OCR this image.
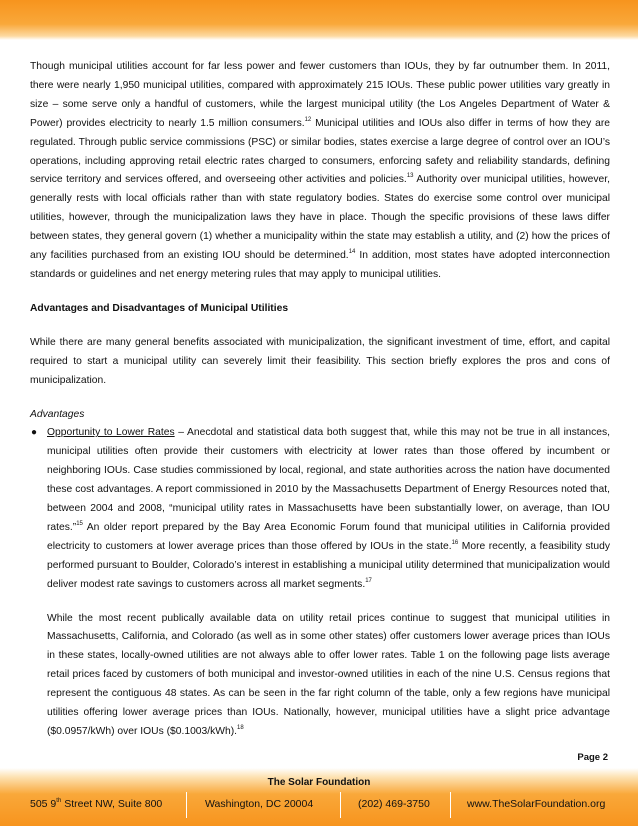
Though municipal utilities account for far less power and fewer customers than IOUs, they by far outnumber them. In 2011, there were nearly 1,950 municipal utilities, compared with approximately 215 IOUs. These public power utilities vary greatly in size – some serve only a handful of customers, while the largest municipal utility (the Los Angeles Department of Water & Power) provides electricity to nearly 1.5 million consumers.$^{12}$ Municipal utilities and IOUs also differ in terms of how they are regulated. Through public service commissions (PSC) or similar bodies, states exercise a large degree of control over an IOU’s operations, including approving retail electric rates charged to consumers, enforcing safety and reliability standards, defining service territory and services offered, and overseeing other activities and policies.$^{13}$ Authority over municipal utilities, however, generally rests with local officials rather than with state regulatory bodies. States do exercise some control over municipal utilities, however, through the municipalization laws they have in place. Though the specific provisions of these laws differ between states, they general govern (1) whether a municipality within the state may establish a utility, and (2) how the prices of any facilities purchased from an existing IOU should be determined.$^{14}$ In addition, most states have adopted interconnection standards or guidelines and net energy metering rules that may apply to municipal utilities.

Advantages and Disadvantages of Municipal Utilities

While there are many general benefits associated with municipalization, the significant investment of time, effort, and capital required to start a municipal utility can severely limit their feasibility. This section briefly explores the pros and cons of municipalization.

Advantages

● Opportunity to Lower Rates – Anecdotal and statistical data both suggest that, while this may not be true in all instances, municipal utilities often provide their customers with electricity at lower rates than those offered by incumbent or neighboring IOUs. Case studies commissioned by local, regional, and state authorities across the nation have documented these cost advantages. A report commissioned in 2010 by the Massachusetts Department of Energy Resources noted that, between 2004 and 2008, “municipal utility rates in Massachusetts have been substantially lower, on average, than IOU rates.”$^{15}$ An older report prepared by the Bay Area Economic Forum found that municipal utilities in California provided electricity to customers at lower average prices than those offered by IOUs in the state.$^{16}$ More recently, a feasibility study performed pursuant to Boulder, Colorado’s interest in establishing a municipal utility determined that municipalization would deliver modest rate savings to customers across all market segments.$^{17}$

While the most recent publically available data on utility retail prices continue to suggest that municipal utilities in Massachusetts, California, and Colorado (as well as in some other states) offer customers lower average prices than IOUs in these states, locally-owned utilities are not always able to offer lower rates. Table 1 on the following page lists average retail prices faced by customers of both municipal and investor-owned utilities in each of the nine U.S. Census regions that represent the contiguous 48 states. As can be seen in the far right column of the table, only a few regions have municipal utilities offering lower average prices than IOUs. Nationally, however, municipal utilities have a slight price advantage ($0.0957/kWh) over IOUs ($0.1003/kWh).$^{18}$

Page 2
The Solar Foundation
505 9th Street NW, Suite 800	Washington, DC 20004	(202) 469-3750	www.TheSolarFoundation.org
